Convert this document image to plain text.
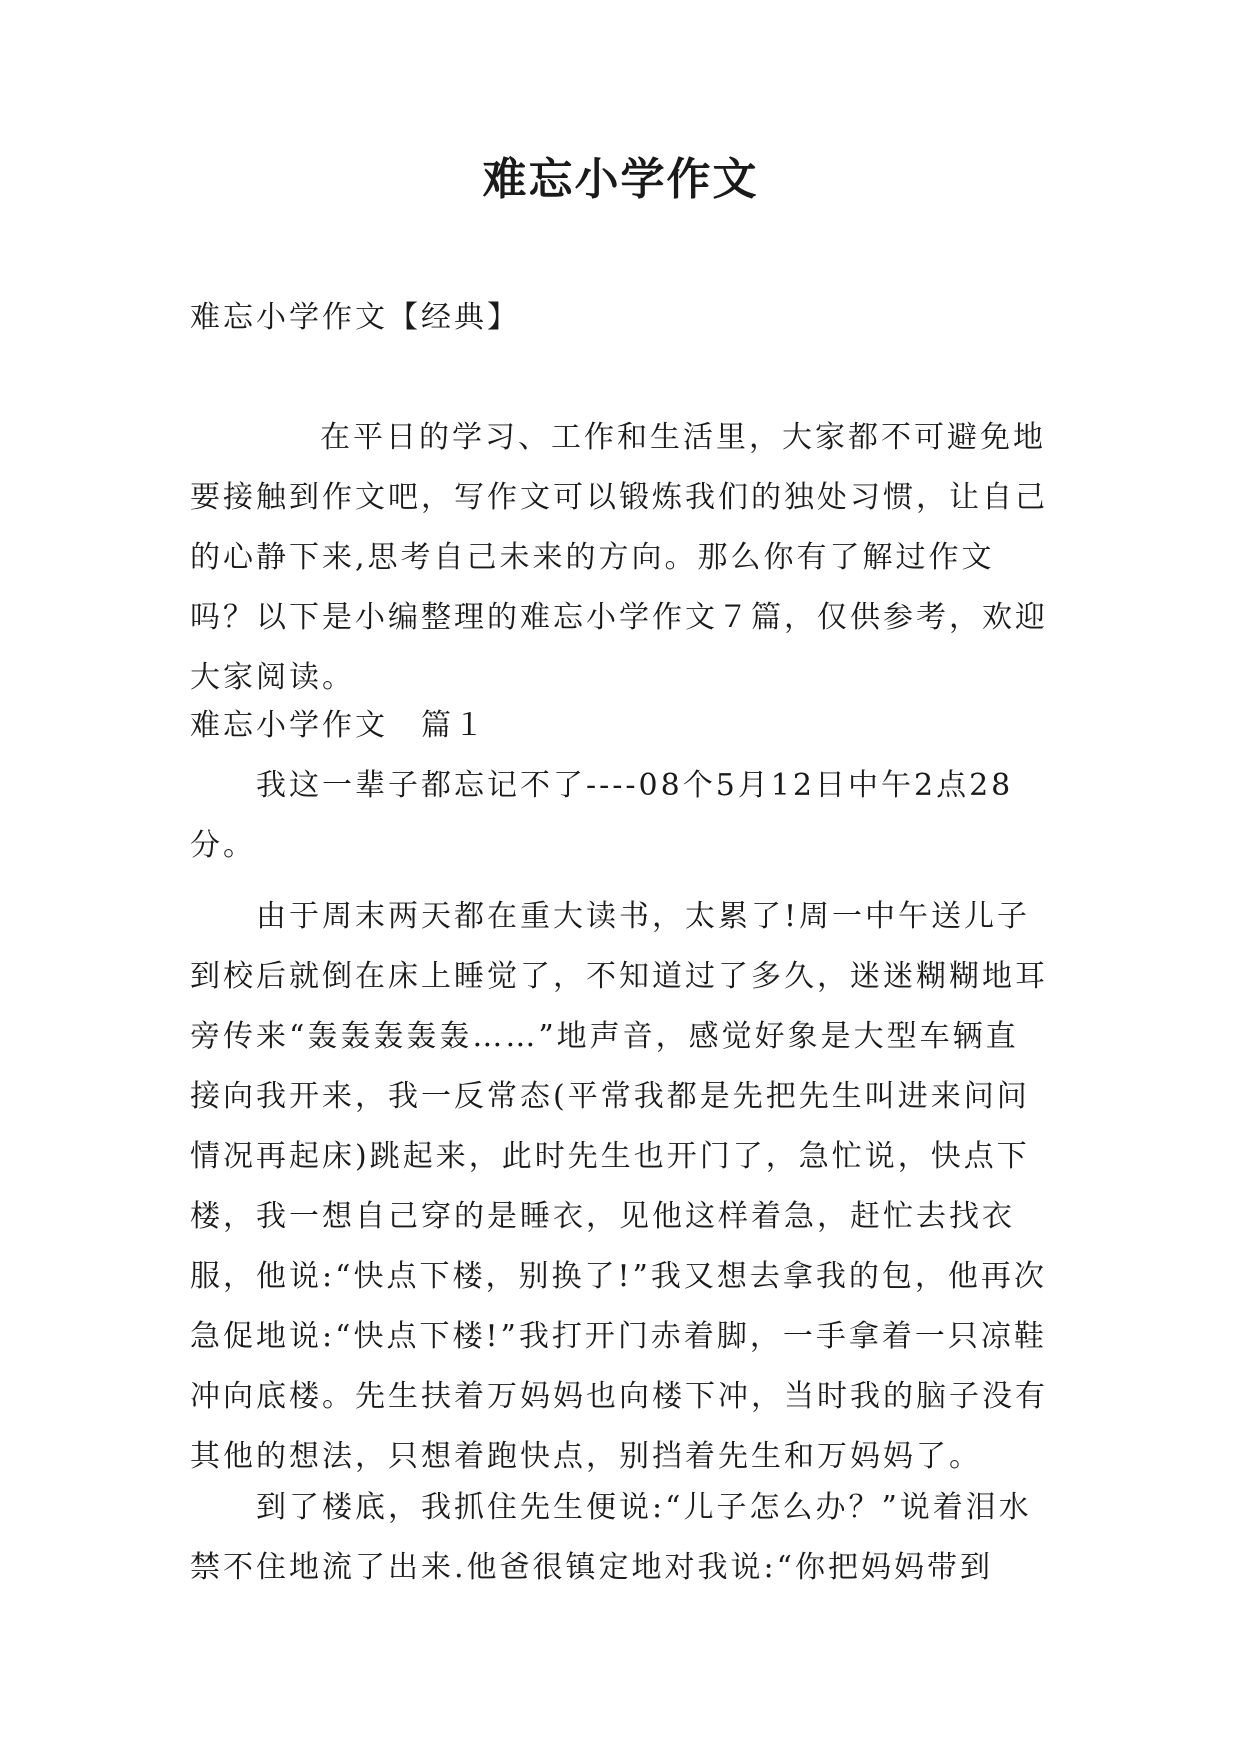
难忘小学作文

难忘小学作文【经典】

在平日的学习、工作和生活里，大家都不可避免地要接触到作文吧，写作文可以锻炼我们的独处习惯，让自己的心静下来,思考自己未来的方向。那么你有了解过作文吗？以下是小编整理的难忘小学作文７篇，仅供参考，欢迎大家阅读。

难忘小学作文　篇１

我这一辈子都忘记不了----08个5月12日中午2点28分。

由于周末两天都在重大读书，太累了!周一中午送儿子到校后就倒在床上睡觉了，不知道过了多久，迷迷糊糊地耳旁传来“轰轰轰轰轰……”地声音，感觉好象是大型车辆直接向我开来，我一反常态(平常我都是先把先生叫进来问问情况再起床)跳起来，此时先生也开门了，急忙说，快点下楼，我一想自己穿的是睡衣，见他这样着急，赶忙去找衣服，他说:“快点下楼，别换了!”我又想去拿我的包，他再次急促地说:“快点下楼!”我打开门赤着脚，一手拿着一只凉鞋冲向底楼。先生扶着万妈妈也向楼下冲，当时我的脑子没有其他的想法，只想着跑快点，别挡着先生和万妈妈了。

到了楼底，我抓住先生便说:“儿子怎么办？”说着泪水禁不住地流了出来.他爸很镇定地对我说:“你把妈妈带到
